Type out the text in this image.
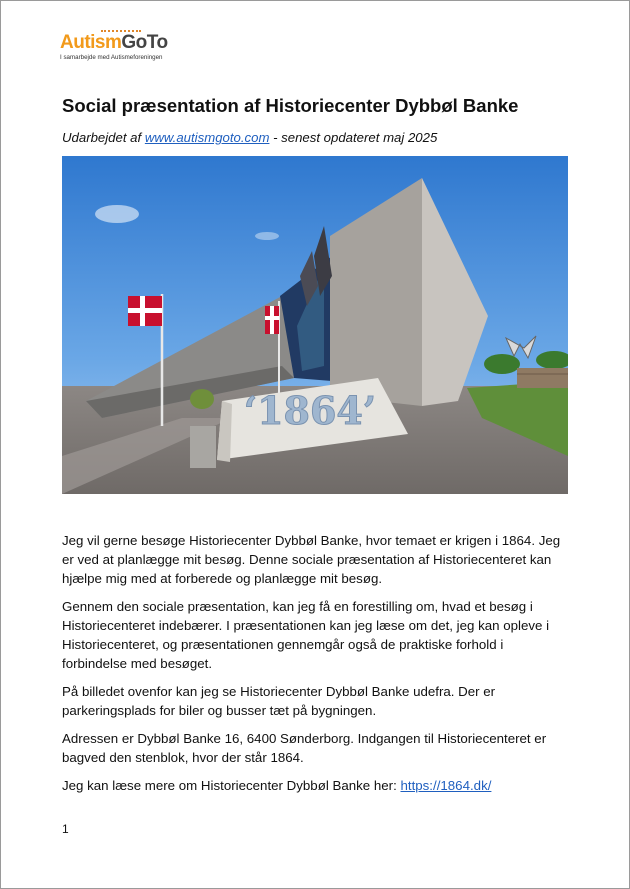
AutismGoTo
I samarbejde med Autismeforeningen
Social præsentation af Historiecenter Dybbøl Banke

Udarbejdet af www.autismgoto.com - senest opdateret maj 2025

‘1864’

Jeg vil gerne besøge Historiecenter Dybbøl Banke, hvor temaet er krigen i 1864. Jeg er ved at planlægge mit besøg. Denne sociale præsentation af Historiecenteret kan hjælpe mig med at forberede og planlægge mit besøg.

Gennem den sociale præsentation, kan jeg få en forestilling om, hvad et besøg i Historiecenteret indebærer. I præsentationen kan jeg læse om det, jeg kan opleve i Historiecenteret, og præsentationen gennemgår også de praktiske forhold i forbindelse med besøget.

På billedet ovenfor kan jeg se Historiecenter Dybbøl Banke udefra. Der er parkeringsplads for biler og busser tæt på bygningen.

Adressen er Dybbøl Banke 16, 6400 Sønderborg. Indgangen til Historiecenteret er bagved den stenblok, hvor der står 1864.

Jeg kan læse mere om Historiecenter Dybbøl Banke her: https://1864.dk/

1
